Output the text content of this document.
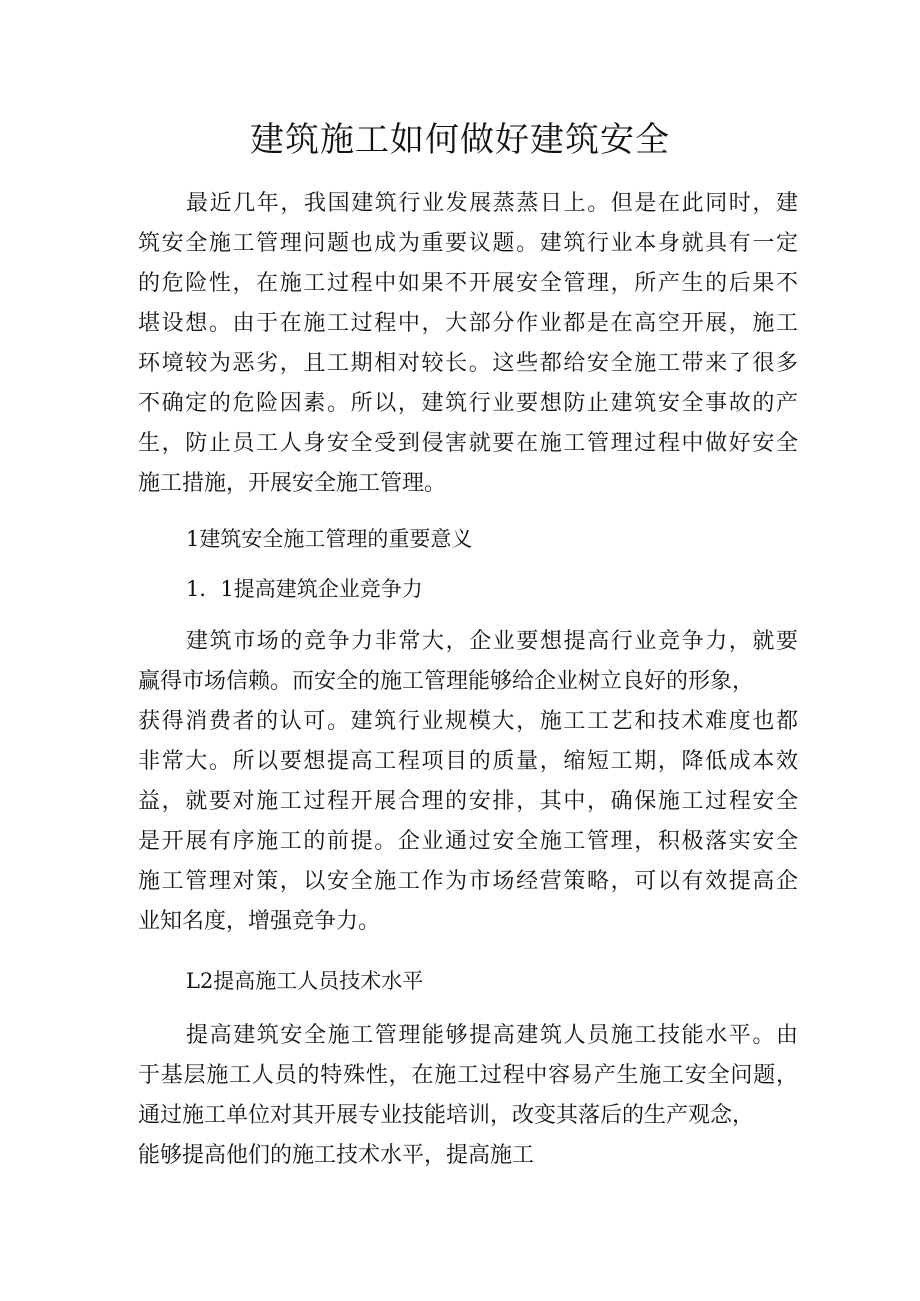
建筑施工如何做好建筑安全

最近几年，我国建筑行业发展蒸蒸日上。但是在此同时，建

筑安全施工管理问题也成为重要议题。建筑行业本身就具有一定

的危险性，在施工过程中如果不开展安全管理，所产生的后果不

堪设想。由于在施工过程中，大部分作业都是在高空开展，施工

环境较为恶劣，且工期相对较长。这些都给安全施工带来了很多

不确定的危险因素。所以，建筑行业要想防止建筑安全事故的产

生，防止员工人身安全受到侵害就要在施工管理过程中做好安全

施工措施，开展安全施工管理。

1建筑安全施工管理的重要意义

1．1提高建筑企业竞争力

建筑市场的竞争力非常大，企业要想提高行业竞争力，就要

赢得市场信赖。而安全的施工管理能够给企业树立良好的形象，

获得消费者的认可。建筑行业规模大，施工工艺和技术难度也都

非常大。所以要想提高工程项目的质量，缩短工期，降低成本效

益，就要对施工过程开展合理的安排，其中，确保施工过程安全

是开展有序施工的前提。企业通过安全施工管理，积极落实安全

施工管理对策，以安全施工作为市场经营策略，可以有效提高企

业知名度，增强竞争力。

L2提高施工人员技术水平

提高建筑安全施工管理能够提高建筑人员施工技能水平。由

于基层施工人员的特殊性，在施工过程中容易产生施工安全问题，

通过施工单位对其开展专业技能培训，改变其落后的生产观念，

能够提高他们的施工技术水平，提高施工
